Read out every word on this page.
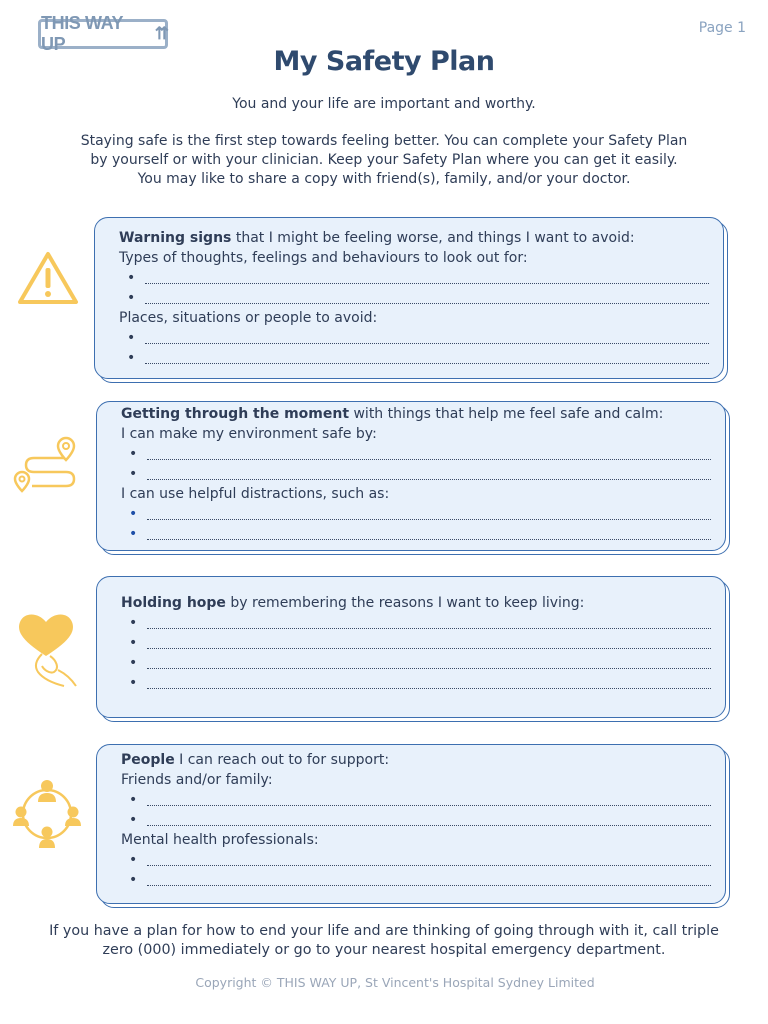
THIS WAY UP
⇈	Page 1
My Safety Plan
You and your life are important and worthy.
Staying safe is the first step towards feeling better. You can complete your Safety Plan
by yourself or with your clinician. Keep your Safety Plan where you can get it easily.
You may like to share a copy with friend(s), family, and/or your doctor.
Warning signs that I might be feeling worse, and things I want to avoid:
Types of thoughts, feelings and behaviours to look out for:
•
•
Places, situations or people to avoid:
•
•
Getting through the moment with things that help me feel safe and calm:
I can make my environment safe by:
•
•
I can use helpful distractions, such as:
•
•
Holding hope by remembering the reasons I want to keep living:
•
•
•
•
People I can reach out to for support:
Friends and/or family:
•
•
Mental health professionals:
•
•
If you have a plan for how to end your life and are thinking of going through with it, call triple
zero (000) immediately or go to your nearest hospital emergency department.
Copyright © THIS WAY UP, St Vincent's Hospital Sydney Limited
